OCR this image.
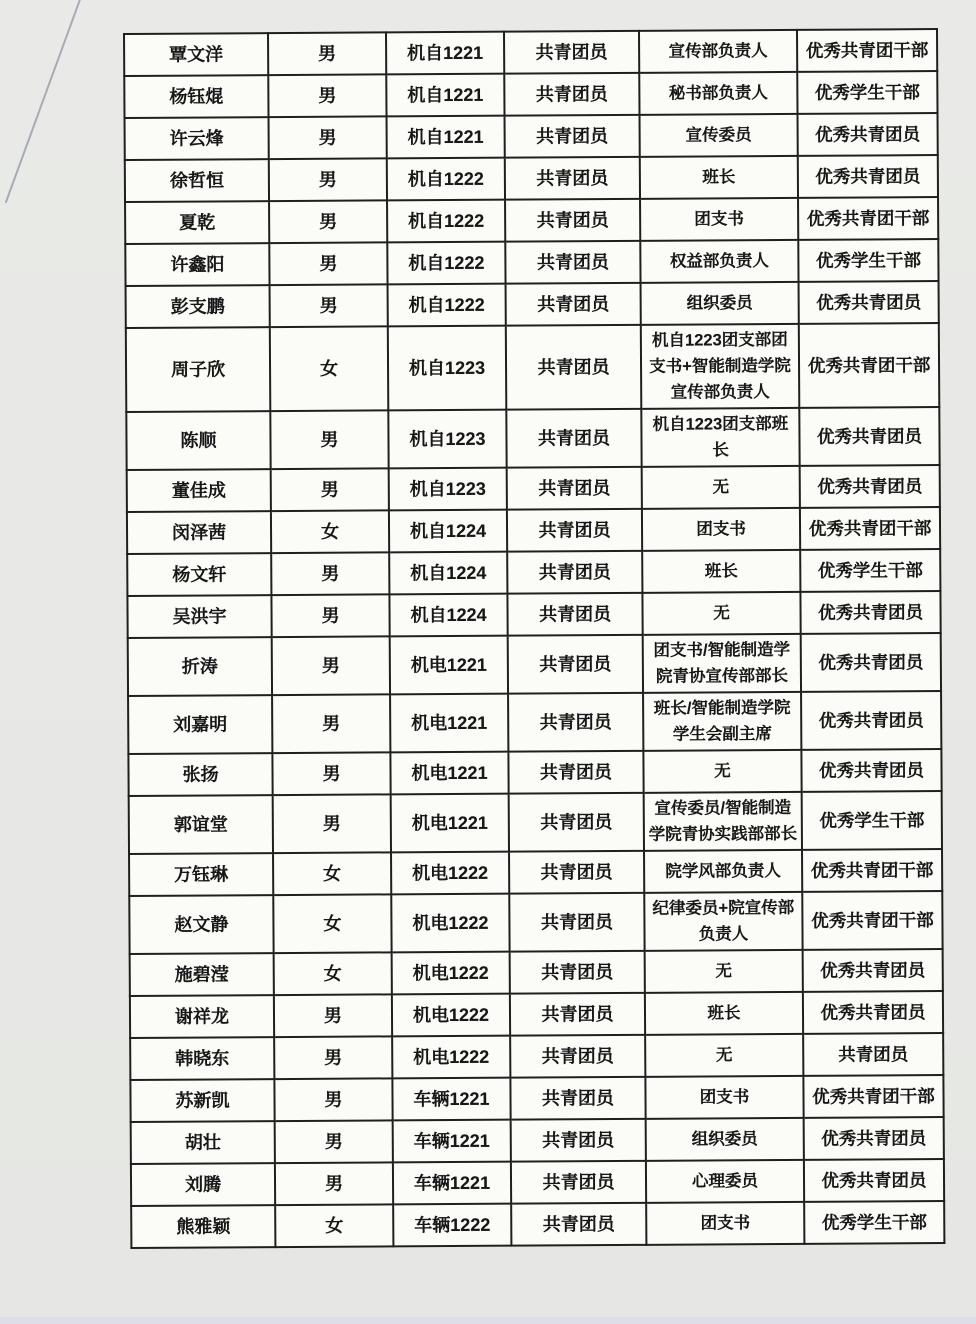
覃文洋	男	机自1221	共青团员	宣传部负责人	优秀共青团干部
杨钰焜	男	机自1221	共青团员	秘书部负责人	优秀学生干部
许云烽	男	机自1221	共青团员	宣传委员	优秀共青团员
徐哲恒	男	机自1222	共青团员	班长	优秀共青团员
夏乾	男	机自1222	共青团员	团支书	优秀共青团干部
许鑫阳	男	机自1222	共青团员	权益部负责人	优秀学生干部
彭支鹏	男	机自1222	共青团员	组织委员	优秀共青团员
周子欣	女	机自1223	共青团员	机自1223团支部团支书+智能制造学院宣传部负责人	优秀共青团干部
陈顺	男	机自1223	共青团员	机自1223团支部班长	优秀共青团员
董佳成	男	机自1223	共青团员	无	优秀共青团员
闵泽茜	女	机自1224	共青团员	团支书	优秀共青团干部
杨文轩	男	机自1224	共青团员	班长	优秀学生干部
吴洪宇	男	机自1224	共青团员	无	优秀共青团员
折涛	男	机电1221	共青团员	团支书/智能制造学院青协宣传部部长	优秀共青团员
刘嘉明	男	机电1221	共青团员	班长/智能制造学院学生会副主席	优秀共青团员
张扬	男	机电1221	共青团员	无	优秀共青团员
郭谊堂	男	机电1221	共青团员	宣传委员/智能制造学院青协实践部部长	优秀学生干部
万钰琳	女	机电1222	共青团员	院学风部负责人	优秀共青团干部
赵文静	女	机电1222	共青团员	纪律委员+院宣传部负责人	优秀共青团干部
施碧滢	女	机电1222	共青团员	无	优秀共青团员
谢祥龙	男	机电1222	共青团员	班长	优秀共青团员
韩晓东	男	机电1222	共青团员	无	共青团员
苏新凯	男	车辆1221	共青团员	团支书	优秀共青团干部
胡壮	男	车辆1221	共青团员	组织委员	优秀共青团员
刘腾	男	车辆1221	共青团员	心理委员	优秀共青团员
熊雅颖	女	车辆1222	共青团员	团支书	优秀学生干部
